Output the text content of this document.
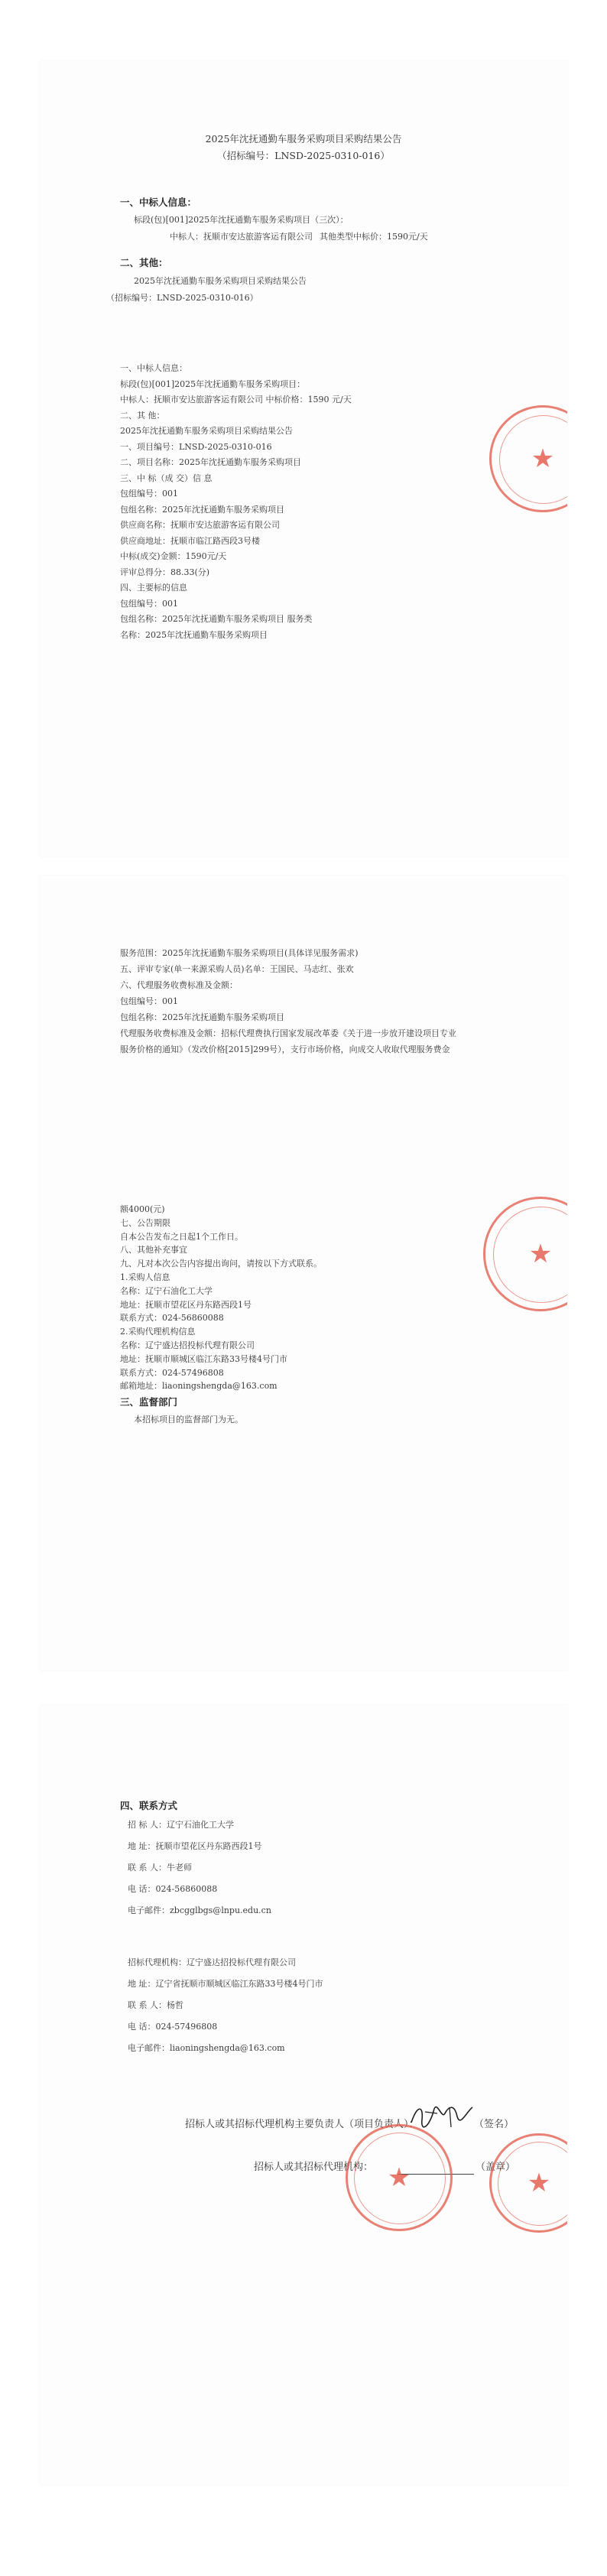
2025年沈抚通勤车服务采购项目采购结果公告
（招标编号：LNSD-2025-0310-016）
一、中标人信息：
标段(包)[001]2025年沈抚通勤车服务采购项目（三次）：
中标人：抚顺市安达旅游客运有限公司 其他类型中标价：1590元/天
二、其他：
2025年沈抚通勤车服务采购项目采购结果公告
（招标编号：LNSD-2025-0310-016）
一、中标人信息：
标段(包)[001]2025年沈抚通勤车服务采购项目：
中标人：抚顺市安达旅游客运有限公司 中标价格：1590 元/天
二、其 他：
2025年沈抚通勤车服务采购项目采购结果公告
一、项目编号：LNSD-2025-0310-016
二、项目名称：2025年沈抚通勤车服务采购项目
三、中 标（成 交）信 息
包组编号：001
包组名称：2025年沈抚通勤车服务采购项目
供应商名称：抚顺市安达旅游客运有限公司
供应商地址：抚顺市临江路西段3号楼
中标(成交)金额：1590元/天
评审总得分：88.33(分)
四、主要标的信息
包组编号：001
包组名称：2025年沈抚通勤车服务采购项目 服务类
名称：2025年沈抚通勤车服务采购项目
★
服务范围：2025年沈抚通勤车服务采购项目(具体详见服务需求)
五、评审专家(单一来源采购人员)名单：王国民、马志红、张欢
六、代理服务收费标准及金额：
包组编号：001
包组名称：2025年沈抚通勤车服务采购项目
代理服务收费标准及金额：招标代理费执行国家发展改革委《关于进一步放开建设项目专业
服务价格的通知》（发改价格[2015]299号），支行市场价格，向成交人收取代理服务费金
额4000(元)
七、公告期限
自本公告发布之日起1个工作日。
八、其他补充事宜
九、凡对本次公告内容提出询问，请按以下方式联系。
1.采购人信息
名称：辽宁石油化工大学
地址：抚顺市望花区丹东路西段1号
联系方式：024-56860088
2.采购代理机构信息
名称：辽宁盛达招投标代理有限公司
地址：抚顺市顺城区临江东路33号楼4号门市
联系方式：024-57496808
邮箱地址：liaoningshengda@163.com
三、监督部门
本招标项目的监督部门为无。
★
四、联系方式
招 标 人：辽宁石油化工大学
地 址：抚顺市望花区丹东路西段1号
联 系 人：牛老师
电 话：024-56860088
电子邮件：zbcgglbgs@lnpu.edu.cn
招标代理机构：辽宁盛达招投标代理有限公司
地 址：辽宁省抚顺市顺城区临江东路33号楼4号门市
联 系 人：杨哲
电 话：024-57496808
电子邮件：liaoningshengda@163.com
招标人或其招标代理机构主要负责人（项目负责人）：	（签名）
招标人或其招标代理机构：	（盖章）
★	★
